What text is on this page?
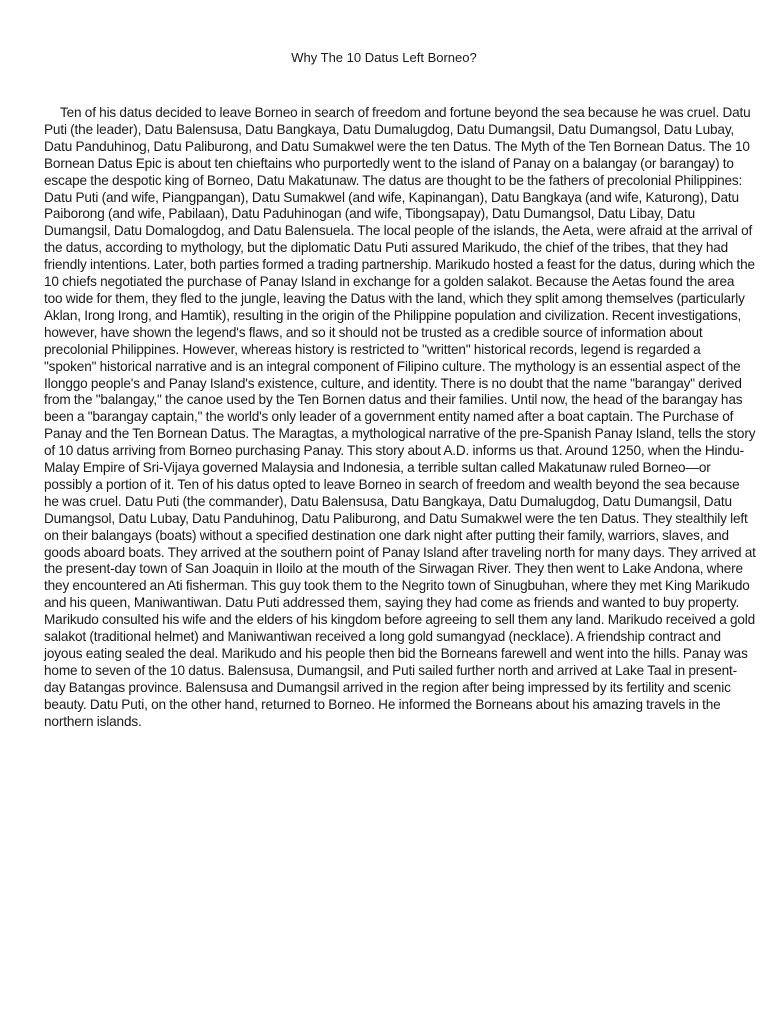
Why The 10 Datus Left Borneo?

Ten of his datus decided to leave Borneo in search of freedom and fortune beyond the sea because he was cruel. Datu Puti (the leader), Datu Balensusa, Datu Bangkaya, Datu Dumalugdog, Datu Dumangsil, Datu Dumangsol, Datu Lubay, Datu Panduhinog, Datu Paliburong, and Datu Sumakwel were the ten Datus. The Myth of the Ten Bornean Datus. The 10 Bornean Datus Epic is about ten chieftains who purportedly went to the island of Panay on a balangay (or barangay) to escape the despotic king of Borneo, Datu Makatunaw. The datus are thought to be the fathers of precolonial Philippines: Datu Puti (and wife, Piangpangan), Datu Sumakwel (and wife, Kapinangan), Datu Bangkaya (and wife, Katurong), Datu Paiborong (and wife, Pabilaan), Datu Paduhinogan (and wife, Tibongsapay), Datu Dumangsol, Datu Libay, Datu Dumangsil, Datu Domalogdog, and Datu Balensuela. The local people of the islands, the Aeta, were afraid at the arrival of the datus, according to mythology, but the diplomatic Datu Puti assured Marikudo, the chief of the tribes, that they had friendly intentions. Later, both parties formed a trading partnership. Marikudo hosted a feast for the datus, during which the 10 chiefs negotiated the purchase of Panay Island in exchange for a golden salakot. Because the Aetas found the area too wide for them, they fled to the jungle, leaving the Datus with the land, which they split among themselves (particularly Aklan, Irong Irong, and Hamtik), resulting in the origin of the Philippine population and civilization. Recent investigations, however, have shown the legend's flaws, and so it should not be trusted as a credible source of information about precolonial Philippines. However, whereas history is restricted to "written" historical records, legend is regarded a "spoken" historical narrative and is an integral component of Filipino culture. The mythology is an essential aspect of the Ilonggo people's and Panay Island's existence, culture, and identity. There is no doubt that the name "barangay" derived from the "balangay," the canoe used by the Ten Bornen datus and their families. Until now, the head of the barangay has been a "barangay captain," the world's only leader of a government entity named after a boat captain. The Purchase of Panay and the Ten Bornean Datus. The Maragtas, a mythological narrative of the pre-Spanish Panay Island, tells the story of 10 datus arriving from Borneo purchasing Panay. This story about A.D. informs us that. Around 1250, when the Hindu-Malay Empire of Sri-Vijaya governed Malaysia and Indonesia, a terrible sultan called Makatunaw ruled Borneo—or possibly a portion of it. Ten of his datus opted to leave Borneo in search of freedom and wealth beyond the sea because he was cruel. Datu Puti (the commander), Datu Balensusa, Datu Bangkaya, Datu Dumalugdog, Datu Dumangsil, Datu Dumangsol, Datu Lubay, Datu Panduhinog, Datu Paliburong, and Datu Sumakwel were the ten Datus. They stealthily left on their balangays (boats) without a specified destination one dark night after putting their family, warriors, slaves, and goods aboard boats. They arrived at the southern point of Panay Island after traveling north for many days. They arrived at the present-day town of San Joaquin in Iloilo at the mouth of the Sirwagan River. They then went to Lake Andona, where they encountered an Ati fisherman. This guy took them to the Negrito town of Sinugbuhan, where they met King Marikudo and his queen, Maniwantiwan. Datu Puti addressed them, saying they had come as friends and wanted to buy property. Marikudo consulted his wife and the elders of his kingdom before agreeing to sell them any land. Marikudo received a gold salakot (traditional helmet) and Maniwantiwan received a long gold sumangyad (necklace). A friendship contract and joyous eating sealed the deal. Marikudo and his people then bid the Borneans farewell and went into the hills. Panay was home to seven of the 10 datus. Balensusa, Dumangsil, and Puti sailed further north and arrived at Lake Taal in present-day Batangas province. Balensusa and Dumangsil arrived in the region after being impressed by its fertility and scenic beauty. Datu Puti, on the other hand, returned to Borneo. He informed the Borneans about his amazing travels in the northern islands.
